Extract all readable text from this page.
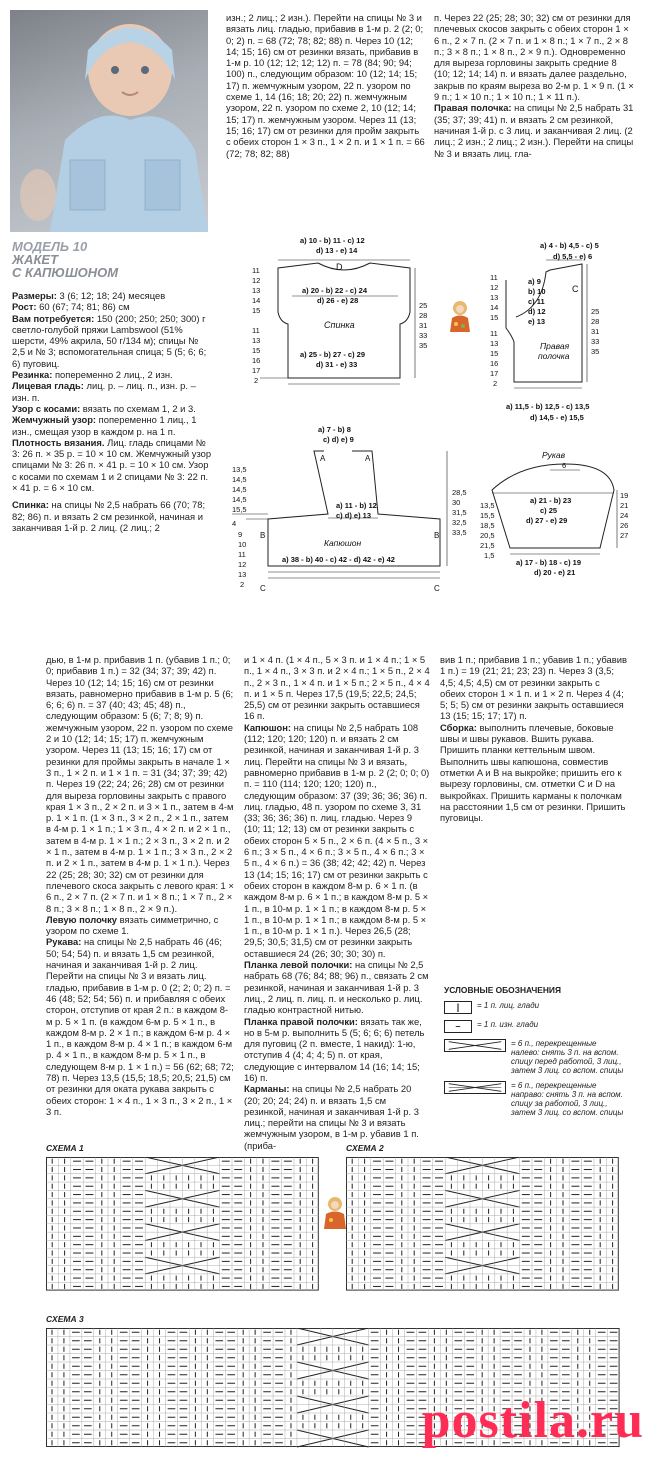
МОДЕЛЬ 10
ЖАКЕТ
С КАПЮШОНОМ

Размеры: 3 (6; 12; 18; 24) месяцев

Рост: 60 (67; 74; 81; 86) см

Вам потребуется: 150 (200; 250; 250; 300) г светло-голубой пряжи Lambswool (51% шерсти, 49% акрила, 50 г/134 м); спицы № 2,5 и № 3; вспомогательная спица; 5 (5; 6; 6; 6) пуговиц.

Резинка: попеременно 2 лиц., 2 изн.

Лицевая гладь: лиц. р. – лиц. п., изн. р. – изн. п.

Узор с косами: вязать по схемам 1, 2 и 3.

Жемчужный узор: попеременно 1 лиц., 1 изн., смещая узор в каждом р. на 1 п.

Плотность вязания. Лиц. гладь спицами № 3: 26 п. × 35 р. = 10 × 10 см. Жемчужный узор спицами № 3: 26 п. × 41 р. = 10 × 10 см. Узор с косами по схемам 1 и 2 спицами № 3: 22 п. × 41 р. = 6 × 10 см.

Спинка: на спицы № 2,5 набрать 66 (70; 78; 82; 86) п. и вязать 2 см резинкой, начиная и заканчивая 1-й р. 2 лиц. (2 лиц.; 2

изн.; 2 лиц.; 2 изн.). Перейти на спицы № 3 и вязать лиц. гладью, прибавив в 1-м р. 2 (2; 0; 0; 2) п. = 68 (72; 78; 82; 88) п. Через 10 (12; 14; 15; 16) см от резинки вязать, прибавив в 1-м р. 10 (12; 12; 12; 12) п. = 78 (84; 90; 94; 100) п., следующим образом: 10 (12; 14; 15; 17) п. жемчужным узором, 22 п. узором по схеме 1, 14 (16; 18; 20; 22) п. жемчужным узором, 22 п. узором по схеме 2, 10 (12; 14; 15; 17) п. жемчужным узором. Через 11 (13; 15; 16; 17) см от резинки для пройм закрыть с обеих сторон 1 × 3 п., 1 × 2 п. и 1 × 1 п. = 66 (72; 78; 82; 88)

п. Через 22 (25; 28; 30; 32) см от резинки для плечевых скосов закрыть с обеих сторон 1 × 6 п., 2 × 7 п. (2 × 7 п. и 1 × 8 п.; 1 × 7 п., 2 × 8 п.; 3 × 8 п.; 1 × 8 п., 2 × 9 п.). Одновременно для выреза горловины закрыть средние 8 (10; 12; 14; 14) п. и вязать далее раздельно, закрыв по краям выреза во 2-м р. 1 × 9 п. (1 × 9 п.; 1 × 10 п.; 1 × 10 п.; 1 × 11 п.).

Правая полочка: на спицы № 2,5 набрать 31 (35; 37; 39; 41) п. и вязать 2 см резинкой, начиная 1-й р. с 3 лиц. и заканчивая 2 лиц. (2 лиц.; 2 изн.; 2 лиц.; 2 изн.). Перейти на спицы № 3 и вязать лиц. гла-

Спинка
a) 10 - b) 11 - c) 12
d) 13 - e) 14
D
a) 20 - b) 22 - c) 24
d) 26 - e) 28
a) 25 - b) 27 - c) 29
d) 31 - e) 33
11
12
13
14
15
11
13
15
16
17
2
25
28
31
33
35
a) 4 - b) 4,5 - c) 5
d) 5,5 - e) 6
a) 9
b) 10
c) 11
d) 12
e) 13
C
Правая
полочка
11
12
13
14
15
11
13
15
16
17
2
25
28
31
33
35
a) 11,5 - b) 12,5 - c) 13,5
d) 14,5 - e) 15,5
a) 7 - b) 8
c) d) e) 9
A	A
a) 11 - b) 12
c) d) e) 13
Капюшон
B	B
C	C
a) 38 - b) 40 - c) 42 - d) 42 - e) 42
13,5
14,5
14,5
14,5
15,5
4
9
10
11
12
13
2
28,5
30
31,5
32,5
33,5
Рукав
6
a) 21 - b) 23
c) 25
d) 27 - e) 29
13,5
15,5
18,5
20,5
21,5
1,5
19
21
24
26
27
a) 17 - b) 18 - c) 19
d) 20 - e) 21

дью, в 1-м р. прибавив 1 п. (убавив 1 п.; 0; 0; прибавив 1 п.) = 32 (34; 37; 39; 42) п. Через 10 (12; 14; 15; 16) см от резинки вязать, равномерно прибавив в 1-м р. 5 (6; 6; 6; 6) п. = 37 (40; 43; 45; 48) п., следующим образом: 5 (6; 7; 8; 9) п. жемчужным узором, 22 п. узором по схеме 2 и 10 (12; 14; 15; 17) п. жемчужным узором. Через 11 (13; 15; 16; 17) см от резинки для проймы закрыть в начале 1 × 3 п., 1 × 2 п. и 1 × 1 п. = 31 (34; 37; 39; 42) п. Через 19 (22; 24; 26; 28) см от резинки для выреза горловины закрыть с правого края 1 × 3 п., 2 × 2 п. и 3 × 1 п., затем в 4-м р. 1 × 1 п. (1 × 3 п., 3 × 2 п., 2 × 1 п., затем в 4-м р. 1 × 1 п.; 1 × 3 п., 4 × 2 п. и 2 × 1 п., затем в 4-м р. 1 × 1 п.; 2 × 3 п., 3 × 2 п. и 2 × 1 п., затем в 4-м р. 1 × 1 п.; 3 × 3 п., 2 × 2 п. и 2 × 1 п., затем в 4-м р. 1 × 1 п.). Через 22 (25; 28; 30; 32) см от резинки для плечевого скоса закрыть с левого края: 1 × 6 п., 2 × 7 п. (2 × 7 п. и 1 × 8 п.; 1 × 7 п., 2 × 8 п.; 3 × 8 п.; 1 × 8 п., 2 × 9 п.).

Левую полочку вязать симметрично, с узором по схеме 1.

Рукава: на спицы № 2,5 набрать 46 (46; 50; 54; 54) п. и вязать 1,5 см резинкой, начиная и заканчивая 1-й р. 2 лиц. Перейти на спицы № 3 и вязать лиц. гладью, прибавив в 1-м р. 0 (2; 2; 0; 2) п. = 46 (48; 52; 54; 56) п. и прибавляя с обеих сторон, отступив от края 2 п.: в каждом 8-м р. 5 × 1 п. (в каждом 6-м р. 5 × 1 п., в каждом 8-м р. 2 × 1 п.; в каждом 6-м р. 4 × 1 п., в каждом 8-м р. 4 × 1 п.; в каждом 6-м р. 4 × 1 п., в каждом 8-м р. 5 × 1 п., в следующем 8-м р. 1 × 1 п.) = 56 (62; 68; 72; 78) п. Через 13,5 (15,5; 18,5; 20,5; 21,5) см от резинки для оката рукава закрыть с обеих сторон: 1 × 4 п., 1 × 3 п., 3 × 2 п., 1 × 3 п.

и 1 × 4 п. (1 × 4 п., 5 × 3 п. и 1 × 4 п.; 1 × 5 п., 1 × 4 п., 3 × 3 п. и 2 × 4 п.; 1 × 5 п., 2 × 4 п., 2 × 3 п., 1 × 4 п. и 1 × 5 п.; 2 × 5 п., 4 × 4 п. и 1 × 5 п. Через 17,5 (19,5; 22,5; 24,5; 25,5) см от резинки закрыть оставшиеся 16 п.

Капюшон: на спицы № 2,5 набрать 108 (112; 120; 120; 120) п. и вязать 2 см резинкой, начиная и заканчивая 1-й р. 3 лиц. Перейти на спицы № 3 и вязать, равномерно прибавив в 1-м р. 2 (2; 0; 0; 0) п. = 110 (114; 120; 120; 120) п., следующим образом: 37 (39; 36; 36; 36) п. лиц. гладью, 48 п. узором по схеме 3, 31 (33; 36; 36; 36) п. лиц. гладью. Через 9 (10; 11; 12; 13) см от резинки закрыть с обеих сторон 5 × 5 п., 2 × 6 п. (4 × 5 п., 3 × 6 п.; 3 × 5 п., 4 × 6 п.; 3 × 5 п., 4 × 6 п.; 3 × 5 п., 4 × 6 п.) = 36 (38; 42; 42; 42) п. Через 13 (14; 15; 16; 17) см от резинки закрыть с обеих сторон в каждом 8-м р. 6 × 1 п. (в каждом 8-м р. 6 × 1 п.; в каждом 8-м р. 5 × 1 п., в 10-м р. 1 × 1 п.; в каждом 8-м р. 5 × 1 п., в 10-м р. 1 × 1 п.; в каждом 8-м р. 5 × 1 п., в 10-м р. 1 × 1 п.). Через 26,5 (28; 29,5; 30,5; 31,5) см от резинки закрыть оставшиеся 24 (26; 30; 30; 30) п.

Планка левой полочки: на спицы № 2,5 набрать 68 (76; 84; 88; 96) п., связать 2 см резинкой, начиная и заканчивая 1-й р. 3 лиц., 2 лиц. п. лиц. п. и несколько р. лиц. гладью контрастной нитью.

Планка правой полочки: вязать так же, но в 5-м р. выполнить 5 (5; 6; 6; 6) петель для пуговиц (2 п. вместе, 1 накид): 1-ю, отступив 4 (4; 4; 4; 5) п. от края, следующие с интервалом 14 (16; 14; 15; 16) п.

Карманы: на спицы № 2,5 набрать 20 (20; 20; 24; 24) п. и вязать 1,5 см резинкой, начиная и заканчивая 1-й р. 3 лиц.; перейти на спицы № 3 и вязать жемчужным узором, в 1-м р. убавив 1 п. (приба-

вив 1 п.; прибавив 1 п.; убавив 1 п.; убавив 1 п.) = 19 (21; 21; 23; 23) п. Через 3 (3,5; 4,5; 4,5; 4,5) см от резинки закрыть с обеих сторон 1 × 1 п. и 1 × 2 п. Через 4 (4; 5; 5; 5) см от резинки закрыть оставшиеся 13 (15; 15; 17; 17) п.

Сборка: выполнить плечевые, боковые швы и швы рукавов. Вшить рукава. Пришить планки кеттельным швом. Выполнить швы капюшона, совместив отметки A и B на выкройке; пришить его к вырезу горловины, см. отметки C и D на выкройках. Пришить карманы к полочкам на расстоянии 1,5 см от резинки. Пришить пуговицы.

УСЛОВНЫЕ ОБОЗНАЧЕНИЯ
|	= 1 п. лиц. глади
–	= 1 п. изн. глади
= 6 п., перекрещенные налево: снять 3 п. на вспом. спицу перед работой, 3 лиц., затем 3 лиц. со вспом. спицы
= 6 п., перекрещенные направо: снять 3 п. на вспом. спицу за работой, 3 лиц., затем 3 лиц. со вспом. спицы
СХЕМА 1	СХЕМА 2
СХЕМА 3
postila.ru
